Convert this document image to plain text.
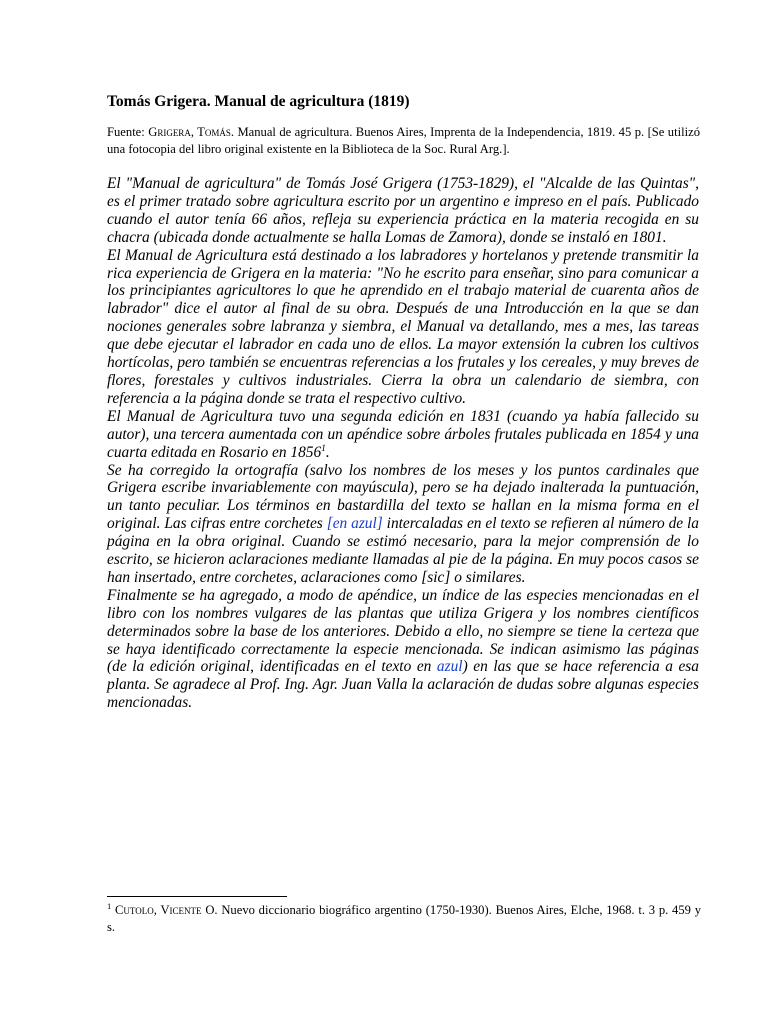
Tomás Grigera. Manual de agricultura (1819)

Fuente: Grigera, Tomás. Manual de agricultura. Buenos Aires, Imprenta de la Independencia, 1819. 45 p. [Se utilizó una fotocopia del libro original existente en la Biblioteca de la Soc. Rural Arg.].

El "Manual de agricultura" de Tomás José Grigera (1753-1829), el "Alcalde de las Quintas", es el primer tratado sobre agricultura escrito por un argentino e impreso en el país. Publicado cuando el autor tenía 66 años, refleja su experiencia práctica en la materia recogida en su chacra (ubicada donde actualmente se halla Lomas de Zamora), donde se instaló en 1801.

El Manual de Agricultura está destinado a los labradores y hortelanos y pretende transmitir la rica experiencia de Grigera en la materia: "No he escrito para enseñar, sino para comunicar a los principiantes agricultores lo que he aprendido en el trabajo material de cuarenta años de labrador" dice el autor al final de su obra. Después de una Introducción en la que se dan nociones generales sobre labranza y siembra, el Manual va detallando, mes a mes, las tareas que debe ejecutar el labrador en cada uno de ellos. La mayor extensión la cubren los cultivos hortícolas, pero también se encuentras referencias a los frutales y los cereales, y muy breves de flores, forestales y cultivos industriales. Cierra la obra un calendario de siembra, con referencia a la página donde se trata el respectivo cultivo.

El Manual de Agricultura tuvo una segunda edición en 1831 (cuando ya había fallecido su autor), una tercera aumentada con un apéndice sobre árboles frutales publicada en 1854 y una cuarta editada en Rosario en 1856$^1$.

Se ha corregido la ortografía (salvo los nombres de los meses y los puntos cardinales que Grigera escribe invariablemente con mayúscula), pero se ha dejado inalterada la puntuación, un tanto peculiar. Los términos en bastardilla del texto se hallan en la misma forma en el original. Las cifras entre corchetes [en azul] intercaladas en el texto se refieren al número de la página en la obra original. Cuando se estimó necesario, para la mejor comprensión de lo escrito, se hicieron aclaraciones mediante llamadas al pie de la página. En muy pocos casos se han insertado, entre corchetes, aclaraciones como [sic] o similares.

Finalmente se ha agregado, a modo de apéndice, un índice de las especies mencionadas en el libro con los nombres vulgares de las plantas que utiliza Grigera y los nombres científicos determinados sobre la base de los anteriores. Debido a ello, no siempre se tiene la certeza que se haya identificado correctamente la especie mencionada. Se indican asimismo las páginas (de la edición original, identificadas en el texto en azul) en las que se hace referencia a esa planta. Se agradece al Prof. Ing. Agr. Juan Valla la aclaración de dudas sobre algunas especies mencionadas.

$^1$ Cutolo, Vicente O. Nuevo diccionario biográfico argentino (1750-1930). Buenos Aires, Elche, 1968. t. 3 p. 459 y s.
